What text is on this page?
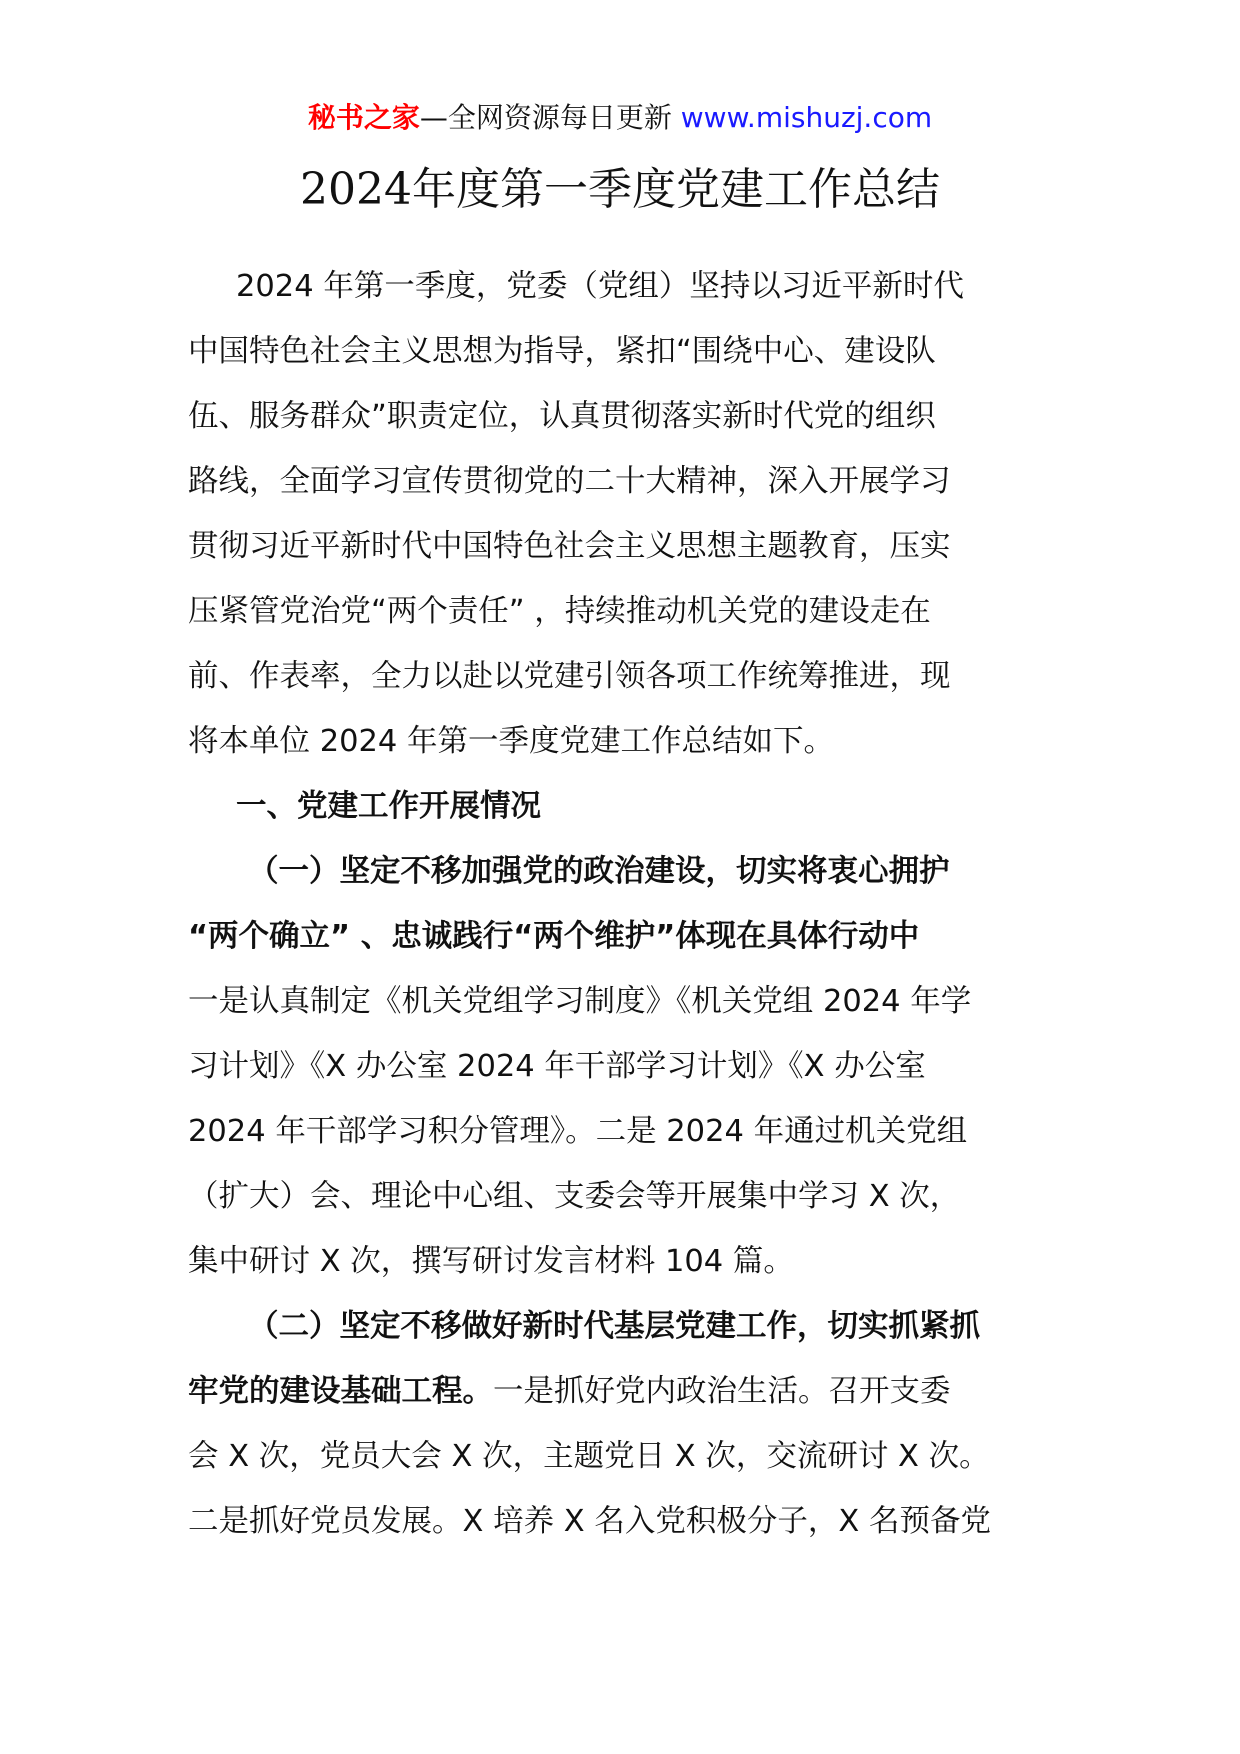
秘书之家—全网资源每日更新 www.mishuzj.com
2024年度第一季度党建工作总结
2024 年第一季度，党委（党组）坚持以习近平新时代
中国特色社会主义思想为指导，紧扣“围绕中心、建设队
伍、服务群众”职责定位，认真贯彻落实新时代党的组织
路线，全面学习宣传贯彻党的二十大精神，深入开展学习
贯彻习近平新时代中国特色社会主义思想主题教育，压实
压紧管党治党“两个责任” ，持续推动机关党的建设走在
前、作表率，全力以赴以党建引领各项工作统筹推进，现
将本单位 2024 年第一季度党建工作总结如下。
一、党建工作开展情况
（一）坚定不移加强党的政治建设，切实将衷心拥护
“两个确立” 、忠诚践行“两个维护”体现在具体行动中
一是认真制定《机关党组学习制度》《机关党组 2024 年学
习计划》《X 办公室 2024 年干部学习计划》《X 办公室
2024 年干部学习积分管理》。二是 2024 年通过机关党组
（扩大）会、理论中心组、支委会等开展集中学习 X 次，
集中研讨 X 次，撰写研讨发言材料 104 篇。
（二）坚定不移做好新时代基层党建工作，切实抓紧抓
牢党的建设基础工程。一是抓好党内政治生活。召开支委
会 X 次，党员大会 X 次，主题党日 X 次，交流研讨 X 次。
二是抓好党员发展。X 培养 X 名入党积极分子，X 名预备党
